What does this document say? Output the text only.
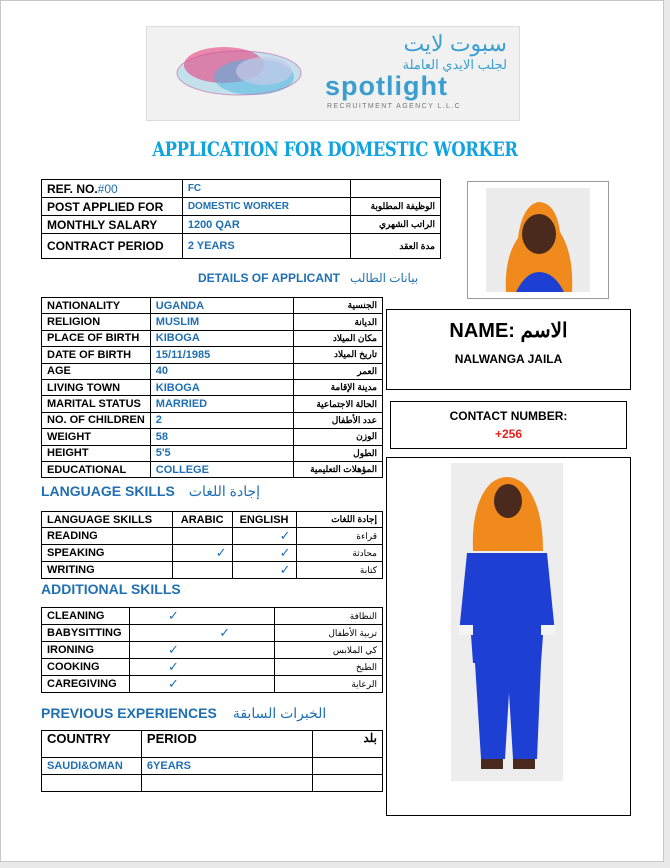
سبوت لايت
لجلب الايدي العاملة
spotlight
RECRUITMENT AGENCY L.L.C
APPLICATION FOR DOMESTIC WORKER
REF. NO.#00	FC	
POST APPLIED FOR	DOMESTIC WORKER	الوظيفة المطلوبة
MONTHLY SALARY	1200 QAR	الراتب الشهري
CONTRACT PERIOD	2 YEARS	مدة العقد
DETAILS OF APPLICANT بيانات الطالب
NATIONALITY	UGANDA	الجنسية
RELIGION	MUSLIM	الديانة
PLACE OF BIRTH	KIBOGA	مكان الميلاد
DATE OF BIRTH	15/11/1985	تاريخ الميلاد
AGE	40	العمر
LIVING TOWN	KIBOGA	مدينة الإقامة
MARITAL STATUS	MARRIED	الحالة الاجتماعية
NO. OF CHILDREN	2	عدد الأطفال
WEIGHT	58	الوزن
HEIGHT	5'5	الطول
EDUCATIONAL	COLLEGE	المؤهلات التعليمية
NAME: الاسم
NALWANGA JAILA
CONTACT NUMBER:
+256
LANGUAGE SKILLS إجادة اللغات
LANGUAGE SKILLS	ARABIC	ENGLISH	إجادة اللغات
READING		✓	قراءة
SPEAKING	✓	✓	محادثة
WRITING		✓	كتابة
ADDITIONAL SKILLS
CLEANING	✓	النظافة
BABYSITTING	✓	تربية الأطفال
IRONING	✓	كي الملابس
COOKING	✓	الطبخ
CAREGIVING	✓	الرعاية
PREVIOUS EXPERIENCES الخبرات السابقة
COUNTRY	PERIOD	بلد
SAUDI&OMAN	6YEARS	
